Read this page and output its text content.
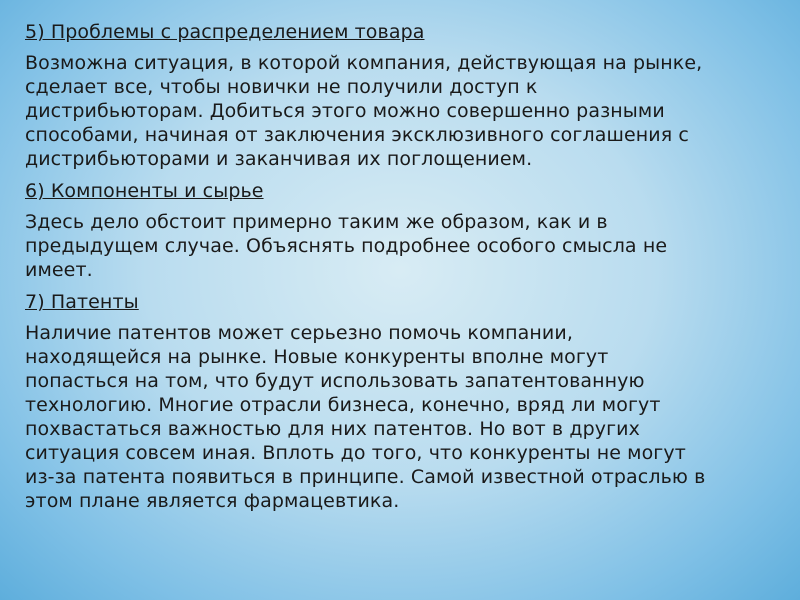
5) Проблемы с распределением товара
Возможна ситуация, в которой компания, действующая на рынке,
сделает все, чтобы новички не получили доступ к
дистрибьюторам. Добиться этого можно совершенно разными
способами, начиная от заключения эксклюзивного соглашения с
дистрибьюторами и заканчивая их поглощением.
6) Компоненты и сырье
Здесь дело обстоит примерно таким же образом, как и в
предыдущем случае. Объяснять подробнее особого смысла не
имеет.
7) Патенты
Наличие патентов может серьезно помочь компании,
находящейся на рынке. Новые конкуренты вполне могут
попасться на том, что будут использовать запатентованную
технологию. Многие отрасли бизнеса, конечно, вряд ли могут
похвастаться важностью для них патентов. Но вот в других
ситуация совсем иная. Вплоть до того, что конкуренты не могут
из-за патента появиться в принципе. Самой известной отраслью в
этом плане является фармацевтика.
